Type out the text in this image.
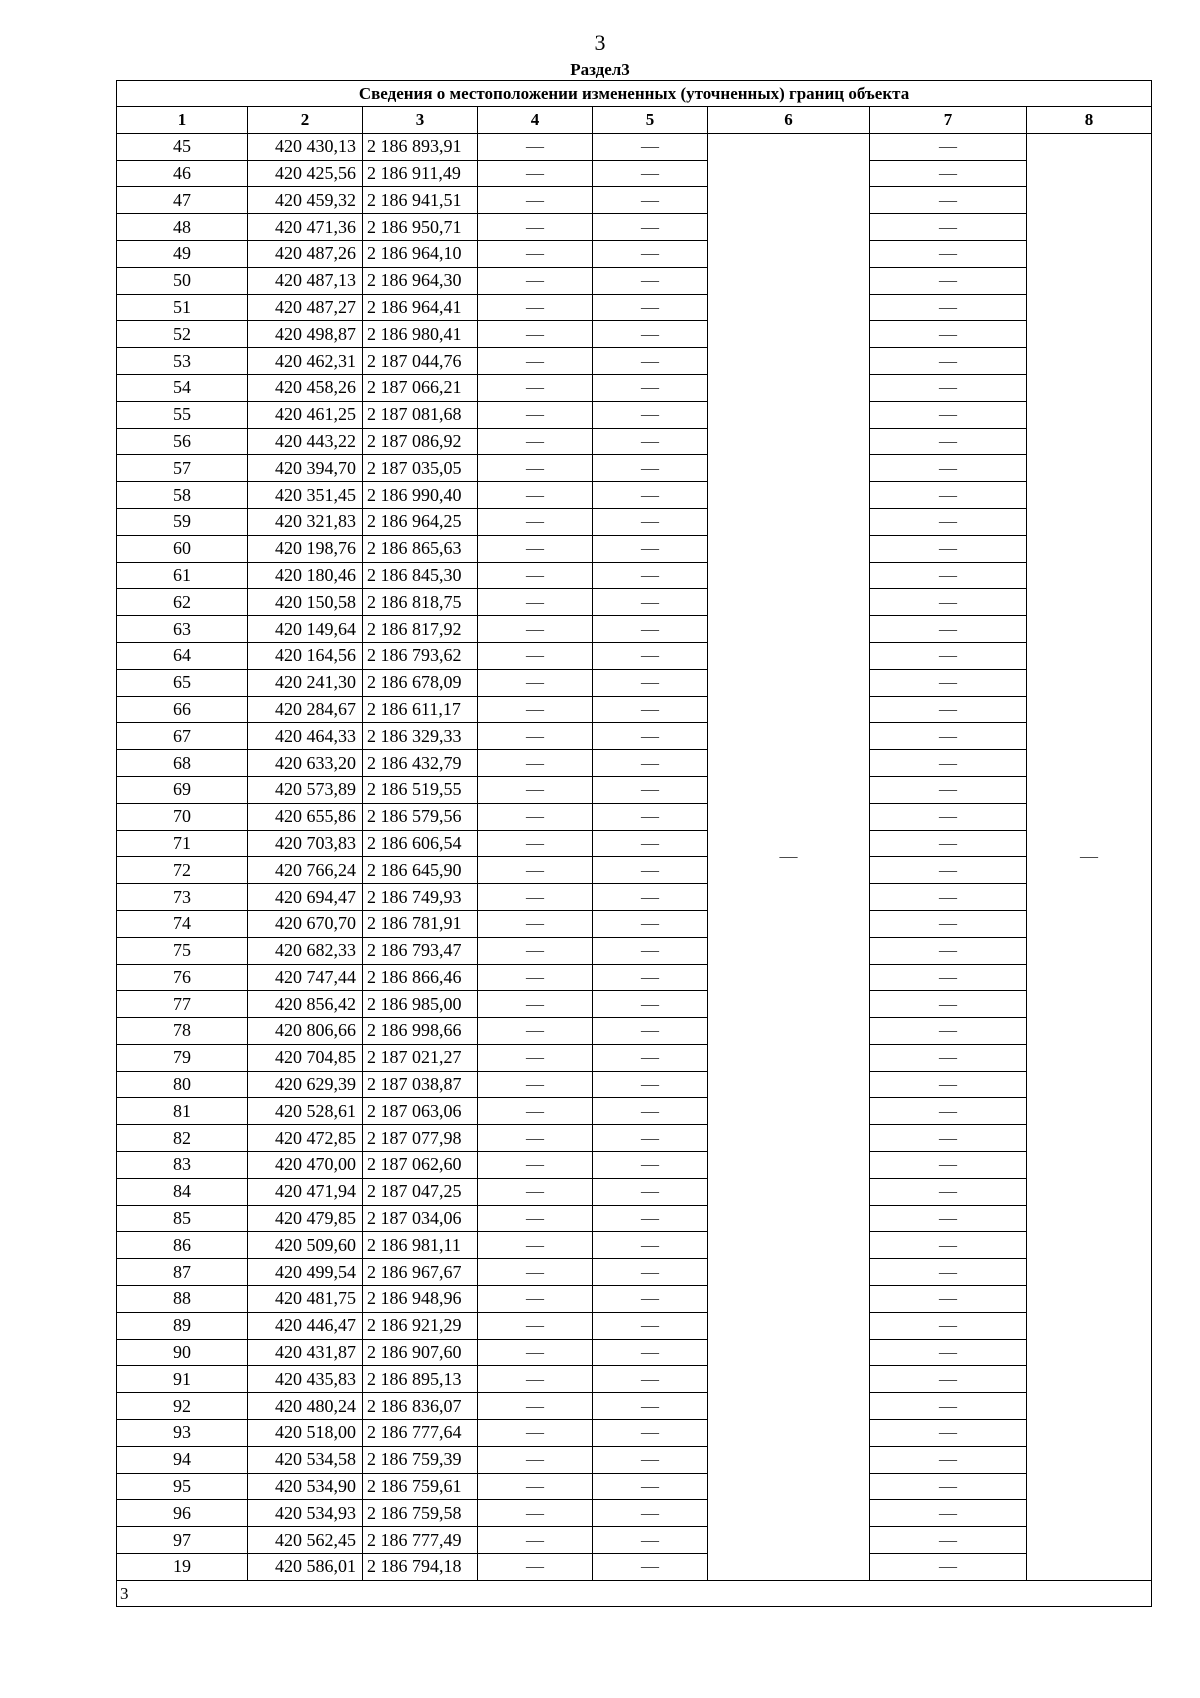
3
Раздел3
Сведения о местоположении измененных (уточненных) границ объекта							
1	2	3	4	5	6	7	8
45	420 430,13	2 186 893,91	—	—	—	—	—
46	420 425,56	2 186 911,49	—	—		—	
47	420 459,32	2 186 941,51	—	—		—	
48	420 471,36	2 186 950,71	—	—		—	
49	420 487,26	2 186 964,10	—	—		—	
50	420 487,13	2 186 964,30	—	—		—	
51	420 487,27	2 186 964,41	—	—		—	
52	420 498,87	2 186 980,41	—	—		—	
53	420 462,31	2 187 044,76	—	—		—	
54	420 458,26	2 187 066,21	—	—		—	
55	420 461,25	2 187 081,68	—	—		—	
56	420 443,22	2 187 086,92	—	—		—	
57	420 394,70	2 187 035,05	—	—		—	
58	420 351,45	2 186 990,40	—	—		—	
59	420 321,83	2 186 964,25	—	—		—	
60	420 198,76	2 186 865,63	—	—		—	
61	420 180,46	2 186 845,30	—	—		—	
62	420 150,58	2 186 818,75	—	—		—	
63	420 149,64	2 186 817,92	—	—		—	
64	420 164,56	2 186 793,62	—	—		—	
65	420 241,30	2 186 678,09	—	—		—	
66	420 284,67	2 186 611,17	—	—		—	
67	420 464,33	2 186 329,33	—	—		—	
68	420 633,20	2 186 432,79	—	—		—	
69	420 573,89	2 186 519,55	—	—		—	
70	420 655,86	2 186 579,56	—	—		—	
71	420 703,83	2 186 606,54	—	—		—	
72	420 766,24	2 186 645,90	—	—		—	
73	420 694,47	2 186 749,93	—	—		—	
74	420 670,70	2 186 781,91	—	—		—	
75	420 682,33	2 186 793,47	—	—		—	
76	420 747,44	2 186 866,46	—	—		—	
77	420 856,42	2 186 985,00	—	—		—	
78	420 806,66	2 186 998,66	—	—		—	
79	420 704,85	2 187 021,27	—	—		—	
80	420 629,39	2 187 038,87	—	—		—	
81	420 528,61	2 187 063,06	—	—		—	
82	420 472,85	2 187 077,98	—	—		—	
83	420 470,00	2 187 062,60	—	—		—	
84	420 471,94	2 187 047,25	—	—		—	
85	420 479,85	2 187 034,06	—	—		—	
86	420 509,60	2 186 981,11	—	—		—	
87	420 499,54	2 186 967,67	—	—		—	
88	420 481,75	2 186 948,96	—	—		—	
89	420 446,47	2 186 921,29	—	—		—	
90	420 431,87	2 186 907,60	—	—		—	
91	420 435,83	2 186 895,13	—	—		—	
92	420 480,24	2 186 836,07	—	—		—	
93	420 518,00	2 186 777,64	—	—		—	
94	420 534,58	2 186 759,39	—	—		—	
95	420 534,90	2 186 759,61	—	—		—	
96	420 534,93	2 186 759,58	—	—		—	
97	420 562,45	2 186 777,49	—	—		—	
19	420 586,01	2 186 794,18	—	—		—	
3							
